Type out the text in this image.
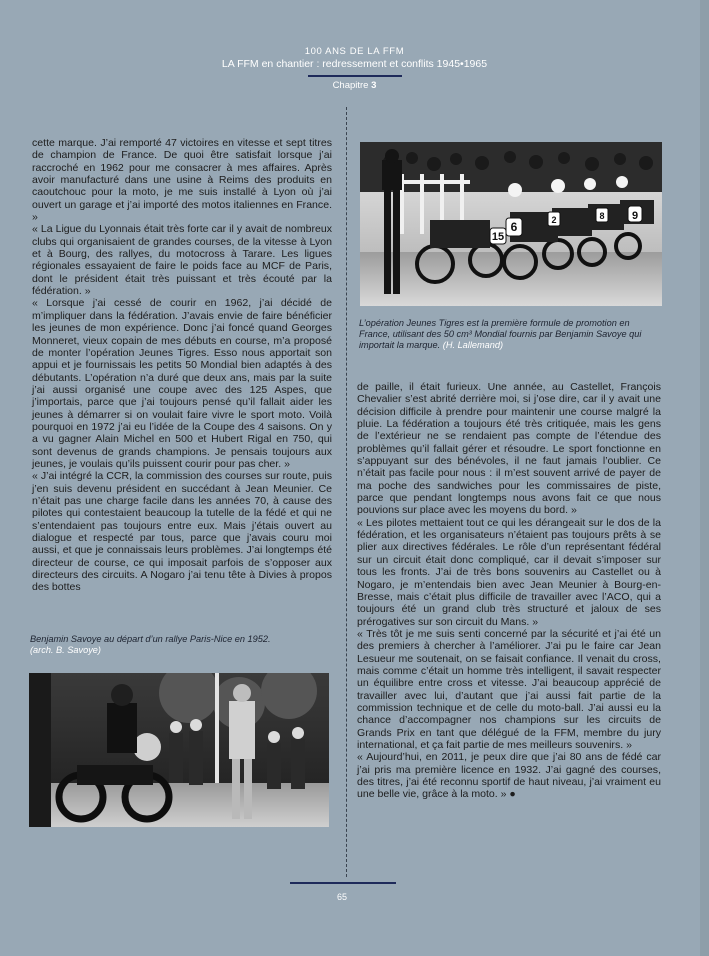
100 ANS DE LA FFM
LA FFM en chantier : redressement et conflits 1945•1965
Chapitre 3

cette marque. J’ai remporté 47 victoires en vitesse et sept titres de champion de France. De quoi être satisfait lorsque j’ai raccroché en 1962 pour me consacrer à mes affaires. Après avoir manufacturé dans une usine à Reims des produits en caoutchouc pour la moto, je me suis installé à Lyon où j’ai ouvert un garage et j’ai importé des motos italiennes en France. »

« La Ligue du Lyonnais était très forte car il y avait de nombreux clubs qui organisaient de grandes courses, de la vitesse à Lyon et à Bourg, des rallyes, du motocross à Tarare. Les ligues régionales essayaient de faire le poids face au MCF de Paris, dont le président était très puissant et très écouté par la fédération. »

« Lorsque j’ai cessé de courir en 1962, j’ai décidé de m’impliquer dans la fédération. J’avais envie de faire bénéficier les jeunes de mon expérience. Donc j’ai foncé quand Georges Monneret, vieux copain de mes débuts en course, m’a proposé de monter l’opération Jeunes Tigres. Esso nous apportait son appui et je fournissais les petits 50 Mondial bien adaptés à des débutants. L’opération n’a duré que deux ans, mais par la suite j’ai aussi organisé une coupe avec des 125 Aspes, que j’importais, parce que j’ai toujours pensé qu’il fallait aider les jeunes à démarrer si on voulait faire vivre le sport moto. Voilà pourquoi en 1972 j’ai eu l’idée de la Coupe des 4 saisons. On y a vu gagner Alain Michel en 500 et Hubert Rigal en 750, qui sont devenus de grands champions. Je pensais toujours aux jeunes, je voulais qu’ils puissent courir pour pas cher. »

« J’ai intégré la CCR, la commission des courses sur route, puis j’en suis devenu président en succédant à Jean Meunier. Ce n’était pas une charge facile dans les années 70, à cause des pilotes qui contestaient beaucoup la tutelle de la fédé et qui ne s’entendaient pas toujours entre eux. Mais j’étais ouvert au dialogue et respecté par tous, parce que j’avais couru moi aussi, et que je connaissais leurs problèmes. J’ai longtemps été directeur de course, ce qui imposait parfois de s’opposer aux directeurs des circuits. A Nogaro j’ai tenu tête à Divies à propos des bottes

15
6	2	8 9
L’opération Jeunes Tigres est la première formule de promotion en France, utilisant des 50 cm³ Mondial fournis par Benjamin Savoye qui importait la marque. (H. Lallemand)

de paille, il était furieux. Une année, au Castellet, François Chevalier s’est abrité derrière moi, si j’ose dire, car il y avait une décision difficile à prendre pour maintenir une course malgré la pluie. La fédération a toujours été très critiquée, mais les gens de l’extérieur ne se rendaient pas compte de l’étendue des problèmes qu’il fallait gérer et résoudre. Le sport fonctionne en s’appuyant sur des bénévoles, il ne faut jamais l’oublier. Ce n’était pas facile pour nous : il m’est souvent arrivé de payer de ma poche des sandwiches pour les commissaires de piste, parce que pendant longtemps nous avons fait ce que nous pouvions sur place avec les moyens du bord. »

« Les pilotes mettaient tout ce qui les dérangeait sur le dos de la fédération, et les organisateurs n’étaient pas toujours prêts à se plier aux directives fédérales. Le rôle d’un représentant fédéral sur un circuit était donc compliqué, car il devait s’imposer sur tous les fronts. J’ai de très bons souvenirs au Castellet ou à Nogaro, je m’entendais bien avec Jean Meunier à Bourg-en-Bresse, mais c’était plus difficile de travailler avec l’ACO, qui a toujours été un grand club très structuré et jaloux de ses prérogatives sur son circuit du Mans. »

« Très tôt je me suis senti concerné par la sécurité et j’ai été un des premiers à chercher à l’améliorer. J’ai pu le faire car Jean Lesueur me soutenait, on se faisait confiance. Il venait du cross, mais comme c’était un homme très intelligent, il savait respecter un équilibre entre cross et vitesse. J’ai beaucoup apprécié de travailler avec lui, d’autant que j’ai aussi fait partie de la commission technique et de celle du moto-ball. J’ai aussi eu la chance d’accompagner nos champions sur les circuits de Grands Prix en tant que délégué de la FFM, membre du jury international, et ça fait partie de mes meilleurs souvenirs. »

« Aujourd’hui, en 2011, je peux dire que j’ai 80 ans de fédé car j’ai pris ma première licence en 1932. J’ai gagné des courses, des titres, j’ai été reconnu sportif de haut niveau, j’ai vraiment eu une belle vie, grâce à la moto. » ●

Benjamin Savoye au départ d’un rallye Paris-Nice en 1952. (arch. B. Savoye)
65
